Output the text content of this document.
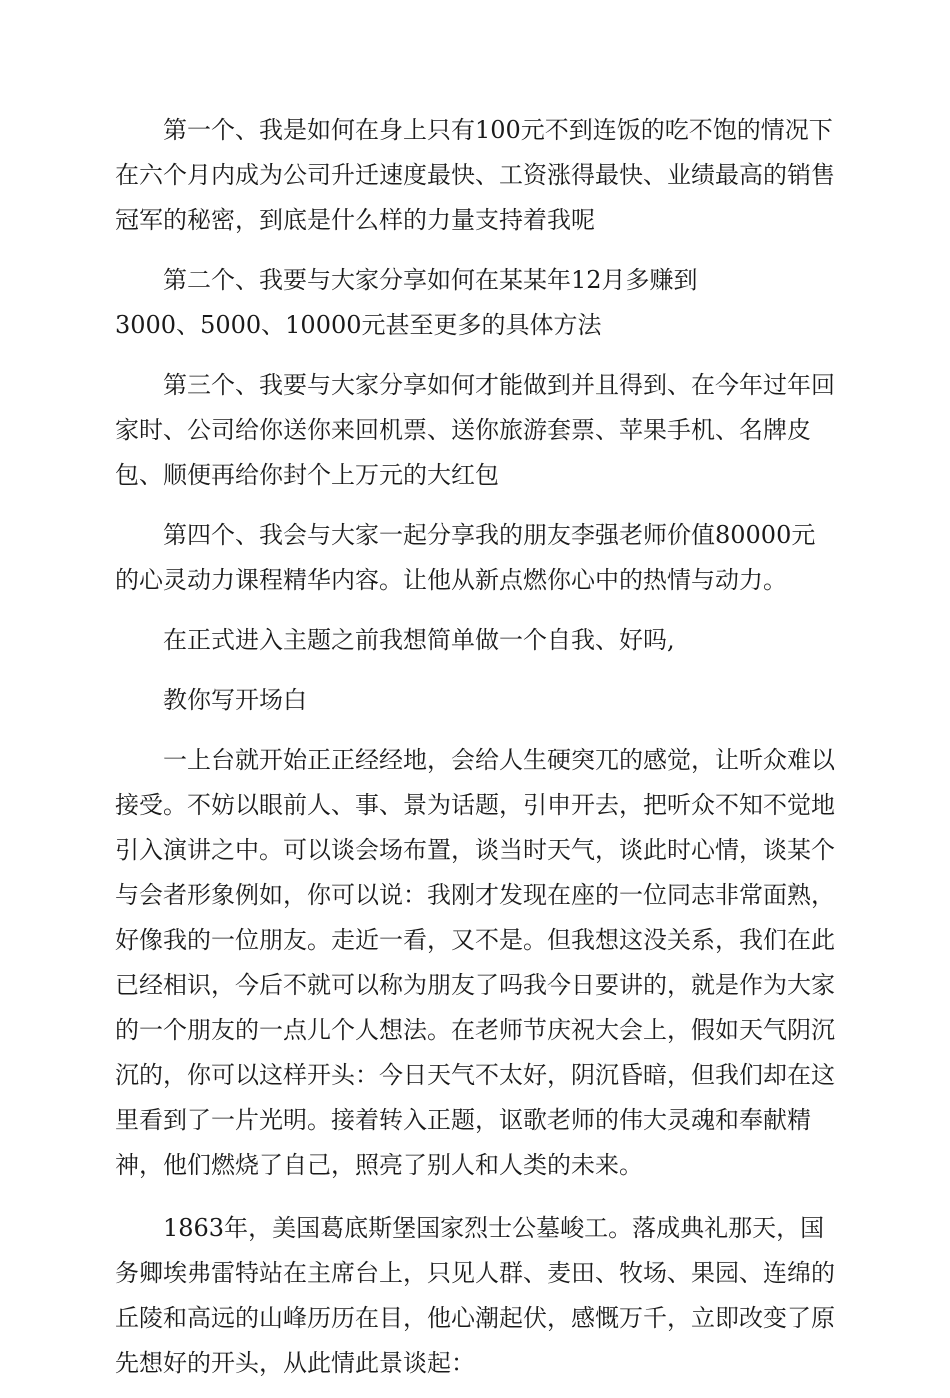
第一个、我是如何在身上只有100元不到连饭的吃不饱的情况下在六个月内成为公司升迁速度最快、工资涨得最快、业绩最高的销售冠军的秘密，到底是什么样的力量支持着我呢

第二个、我要与大家分享如何在某某年12月多赚到

3000、5000、10000元甚至更多的具体方法

第三个、我要与大家分享如何才能做到并且得到、在今年过年回家时、公司给你送你来回机票、送你旅游套票、苹果手机、名牌皮包、顺便再给你封个上万元的大红包

第四个、我会与大家一起分享我的朋友李强老师价值80000元的心灵动力课程精华内容。让他从新点燃你心中的热情与动力。

在正式进入主题之前我想简单做一个自我、好吗,

教你写开场白

一上台就开始正正经经地，会给人生硬突兀的感觉，让听众难以接受。不妨以眼前人、事、景为话题，引申开去，把听众不知不觉地引入演讲之中。可以谈会场布置，谈当时天气，谈此时心情，谈某个与会者形象例如，你可以说：我刚才发现在座的一位同志非常面熟，好像我的一位朋友。走近一看，又不是。但我想这没关系，我们在此已经相识，今后不就可以称为朋友了吗我今日要讲的，就是作为大家的一个朋友的一点儿个人想法。在老师节庆祝大会上，假如天气阴沉沉的，你可以这样开头：今日天气不太好，阴沉昏暗，但我们却在这里看到了一片光明。接着转入正题，讴歌老师的伟大灵魂和奉献精神，他们燃烧了自己，照亮了别人和人类的未来。

1863年，美国葛底斯堡国家烈士公墓峻工。落成典礼那天，国务卿埃弗雷特站在主席台上，只见人群、麦田、牧场、果园、连绵的丘陵和高远的山峰历历在目，他心潮起伏，感慨万千，立即改变了原先想好的开头，从此情此景谈起：
